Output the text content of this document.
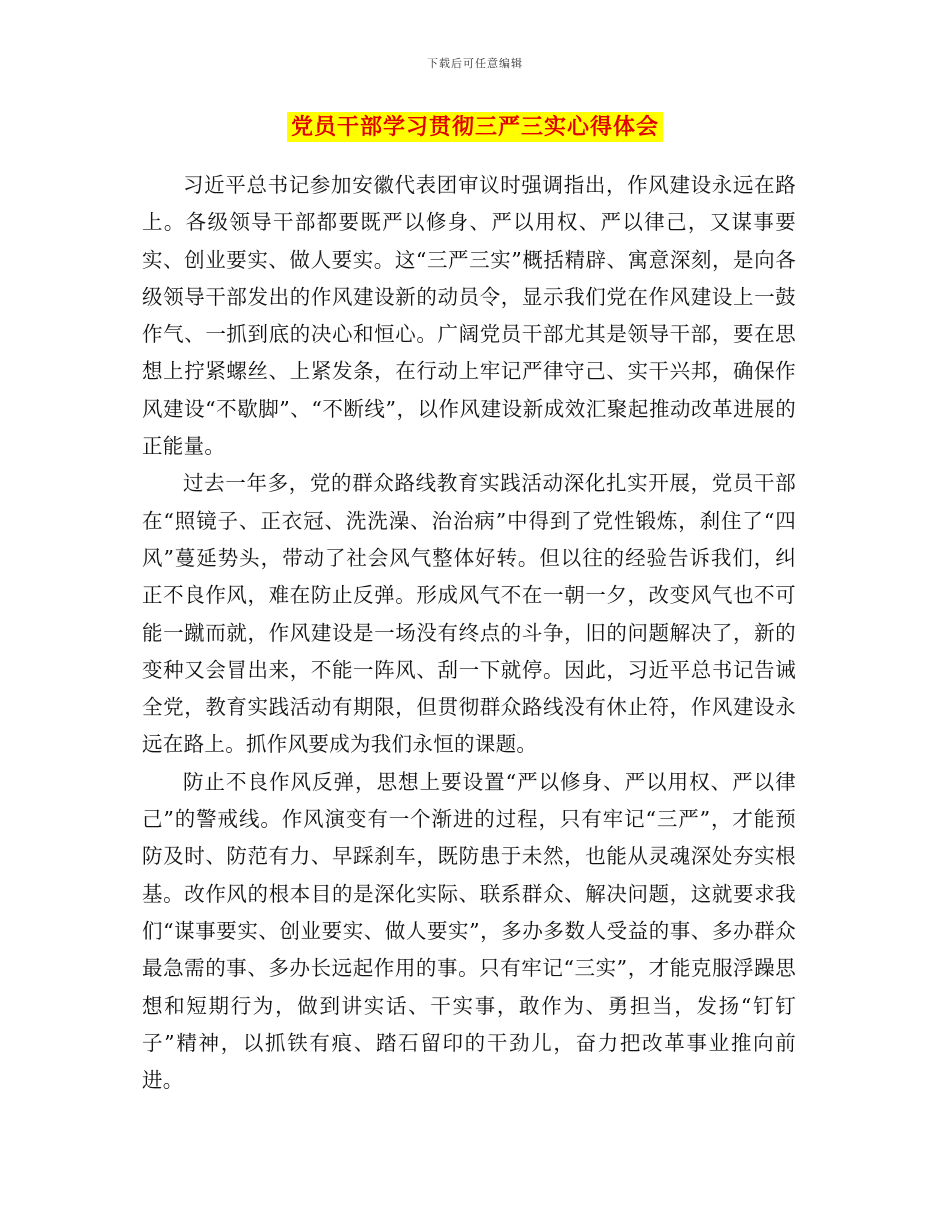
下载后可任意编辑
党员干部学习贯彻三严三实心得体会

习近平总书记参加安徽代表团审议时强调指出，作风建设永远在路上。各级领导干部都要既严以修身、严以用权、严以律己，又谋事要实、创业要实、做人要实。这“三严三实”概括精辟、寓意深刻，是向各级领导干部发出的作风建设新的动员令，显示我们党在作风建设上一鼓作气、一抓到底的决心和恒心。广阔党员干部尤其是领导干部，要在思想上拧紧螺丝、上紧发条，在行动上牢记严律守己、实干兴邦，确保作风建设“不歇脚”、“不断线”，以作风建设新成效汇聚起推动改革进展的正能量。

过去一年多，党的群众路线教育实践活动深化扎实开展，党员干部在“照镜子、正衣冠、洗洗澡、治治病”中得到了党性锻炼，刹住了“四风”蔓延势头，带动了社会风气整体好转。但以往的经验告诉我们，纠正不良作风，难在防止反弹。形成风气不在一朝一夕，改变风气也不可能一蹴而就，作风建设是一场没有终点的斗争，旧的问题解决了，新的变种又会冒出来，不能一阵风、刮一下就停。因此，习近平总书记告诫全党，教育实践活动有期限，但贯彻群众路线没有休止符，作风建设永远在路上。抓作风要成为我们永恒的课题。

防止不良作风反弹，思想上要设置“严以修身、严以用权、严以律己”的警戒线。作风演变有一个渐进的过程，只有牢记“三严”，才能预防及时、防范有力、早踩刹车，既防患于未然，也能从灵魂深处夯实根基。改作风的根本目的是深化实际、联系群众、解决问题，这就要求我们“谋事要实、创业要实、做人要实”，多办多数人受益的事、多办群众最急需的事、多办长远起作用的事。只有牢记“三实”，才能克服浮躁思想和短期行为，做到讲实话、干实事，敢作为、勇担当，发扬“钉钉子”精神，以抓铁有痕、踏石留印的干劲儿，奋力把改革事业推向前进。
